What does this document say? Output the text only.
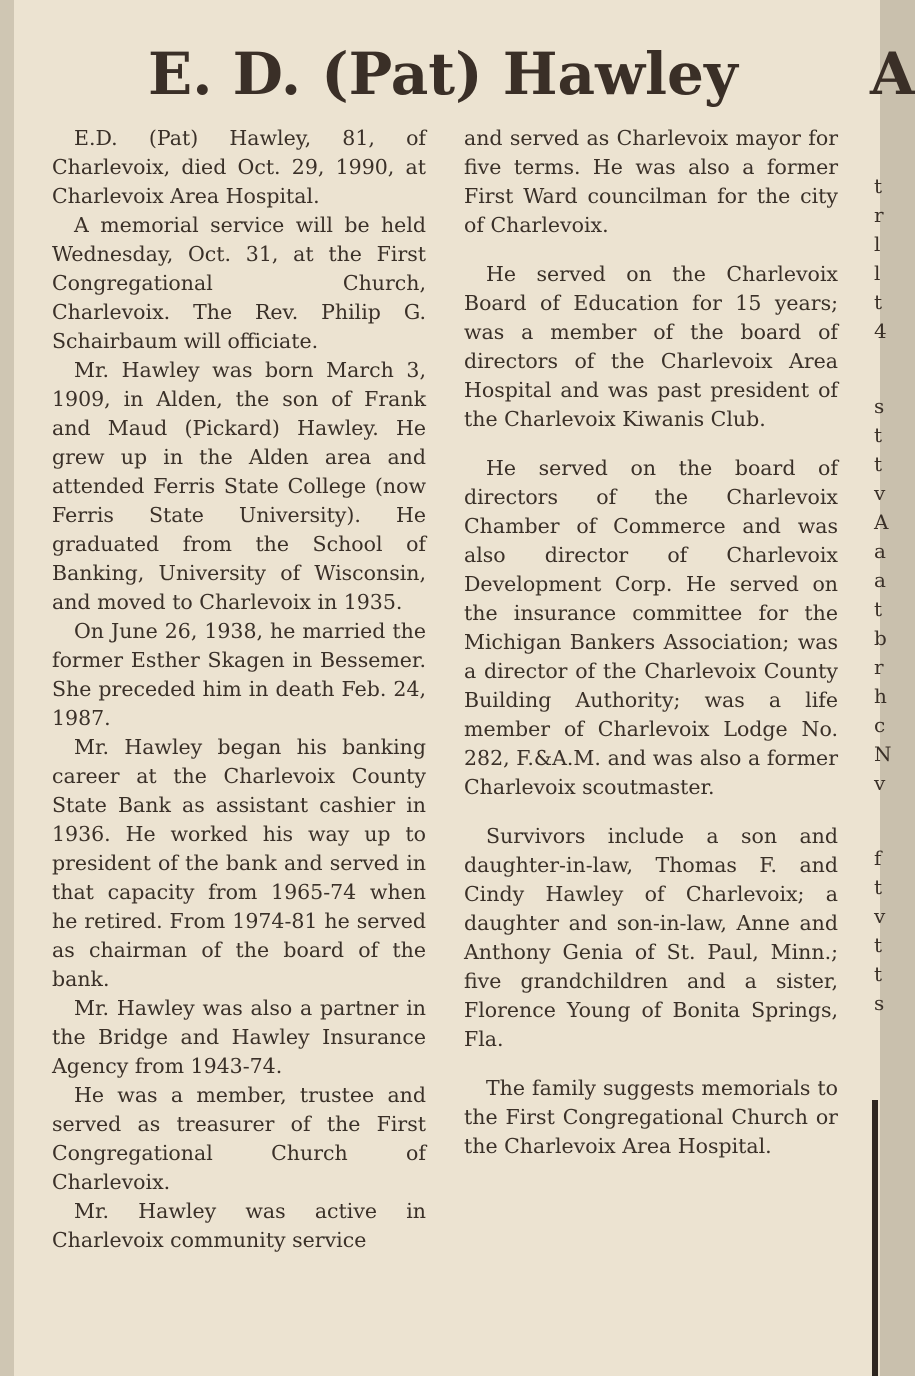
E. D. (Pat) Hawley A

E.D. (Pat) Hawley, 81, of Charlevoix, died Oct. 29, 1990, at Charlevoix Area Hospital.

A memorial service will be held Wednesday, Oct. 31, at the First Congregational Church, Charlevoix. The Rev. Philip G. Schairbaum will officiate.

Mr. Hawley was born March 3, 1909, in Alden, the son of Frank and Maud (Pickard) Hawley. He grew up in the Alden area and attended Ferris State College (now Ferris State University). He graduated from the School of Banking, University of Wisconsin, and moved to Charlevoix in 1935.

On June 26, 1938, he married the former Esther Skagen in Bessemer. She preceded him in death Feb. 24, 1987.

Mr. Hawley began his banking career at the Charlevoix County State Bank as assistant cashier in 1936. He worked his way up to president of the bank and served in that capacity from 1965-74 when he retired. From 1974-81 he served as chairman of the board of the bank.

Mr. Hawley was also a partner in the Bridge and Hawley Insurance Agency from 1943-74.

He was a member, trustee and served as treasurer of the First Congregational Church of Charlevoix.

Mr. Hawley was active in Charlevoix community service

and served as Charlevoix mayor for five terms. He was also a former First Ward councilman for the city of Charlevoix.

He served on the Charlevoix Board of Education for 15 years; was a member of the board of directors of the Charlevoix Area Hospital and was past president of the Charlevoix Kiwanis Club.

He served on the board of directors of the Charlevoix Chamber of Commerce and was also director of Charlevoix Development Corp. He served on the insurance committee for the Michigan Bankers Association; was a director of the Charlevoix County Building Authority; was a life member of Charlevoix Lodge No. 282, F.&A.M. and was also a former Charlevoix scoutmaster.

Survivors include a son and daughter-in-law, Thomas F. and Cindy Hawley of Charlevoix; a daughter and son-in-law, Anne and Anthony Genia of St. Paul, Minn.; five grandchildren and a sister, Florence Young of Bonita Springs, Fla.

The family suggests memorials to the First Congregational Church or the Charlevoix Area Hospital.

t
r
l
l
t
4
s
t
t
v
A
a
a
t
b
r
h
c
N
v
f
t
v
t
t
s
